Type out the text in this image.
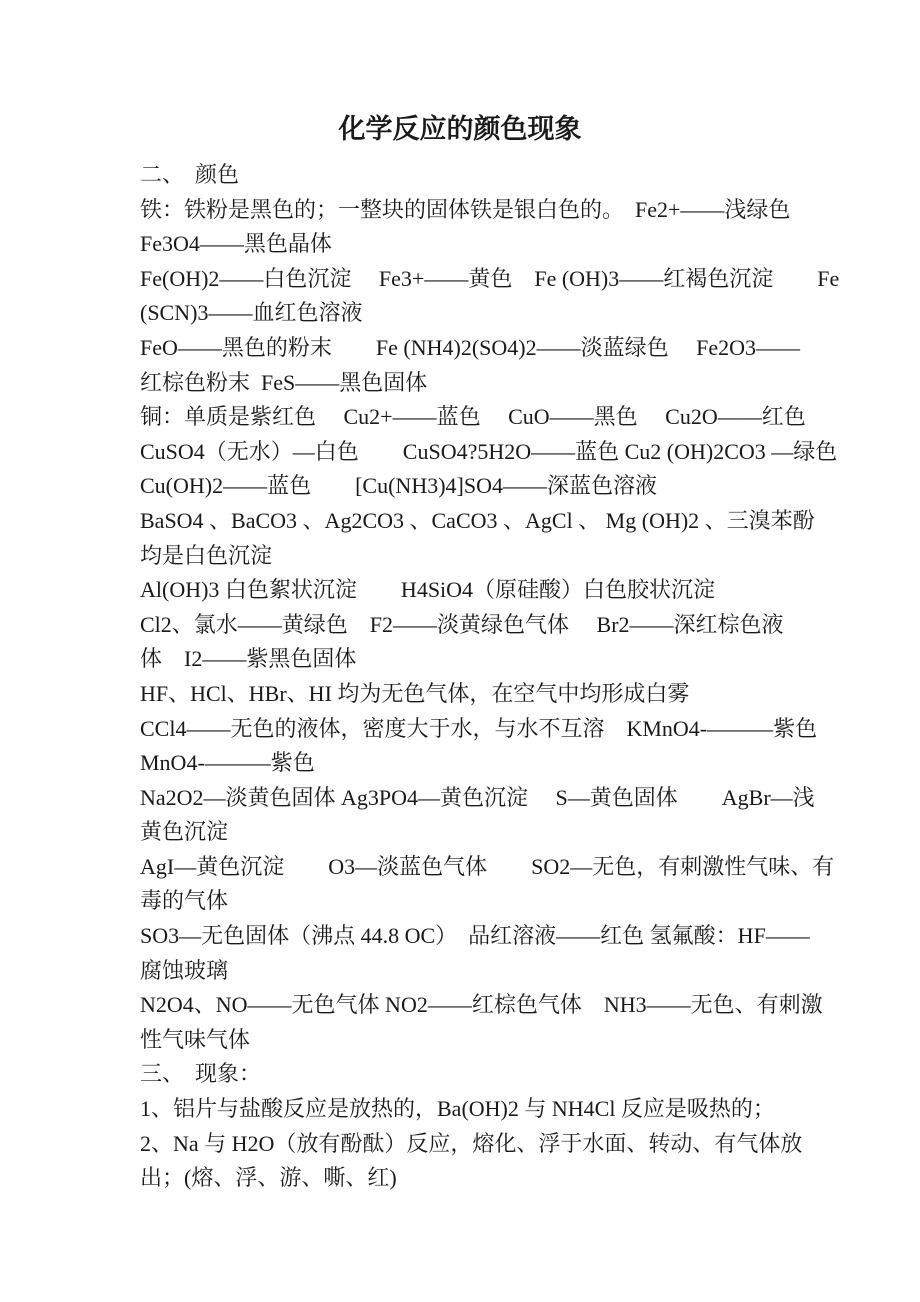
化学反应的颜色现象
二、  颜色
铁：铁粉是黑色的；一整块的固体铁是银白色的。　Fe2+——浅绿色
Fe3O4——黑色晶体
Fe(OH)2——白色沉淀　 Fe3+——黄色　Fe (OH)3——红褐色沉淀　　Fe
(SCN)3——血红色溶液
FeO——黑色的粉末　　Fe (NH4)2(SO4)2——淡蓝绿色　 Fe2O3——
红棕色粉末  FeS——黑色固体
铜：单质是紫红色　 Cu2+——蓝色　 CuO——黑色　 Cu2O——红色
CuSO4（无水）—白色　　CuSO4?5H2O——蓝色 Cu2 (OH)2CO3 —绿色
Cu(OH)2——蓝色　　[Cu(NH3)4]SO4——深蓝色溶液
BaSO4 、BaCO3 、Ag2CO3 、CaCO3 、AgCl 、 Mg (OH)2 、三溴苯酚
均是白色沉淀
Al(OH)3 白色絮状沉淀　　H4SiO4（原硅酸）白色胶状沉淀
Cl2、氯水——黄绿色　F2——淡黄绿色气体　 Br2——深红棕色液
体　I2——紫黑色固体
HF、HCl、HBr、HI 均为无色气体，在空气中均形成白雾
CCl4——无色的液体，密度大于水，与水不互溶　KMnO4-———紫色
MnO4-———紫色
Na2O2—淡黄色固体 Ag3PO4—黄色沉淀　 S—黄色固体　　AgBr—浅
黄色沉淀
AgI—黄色沉淀　　O3—淡蓝色气体　　SO2—无色，有刺激性气味、有
毒的气体
SO3—无色固体（沸点 44.8 OC）　品红溶液——红色 氢氟酸：HF——
腐蚀玻璃
N2O4、NO——无色气体 NO2——红棕色气体　NH3——无色、有刺激
性气味气体
三、  现象：
1、铝片与盐酸反应是放热的，Ba(OH)2 与 NH4Cl 反应是吸热的；
2、Na 与 H2O（放有酚酞）反应，熔化、浮于水面、转动、有气体放
出；(熔、浮、游、嘶、红)
